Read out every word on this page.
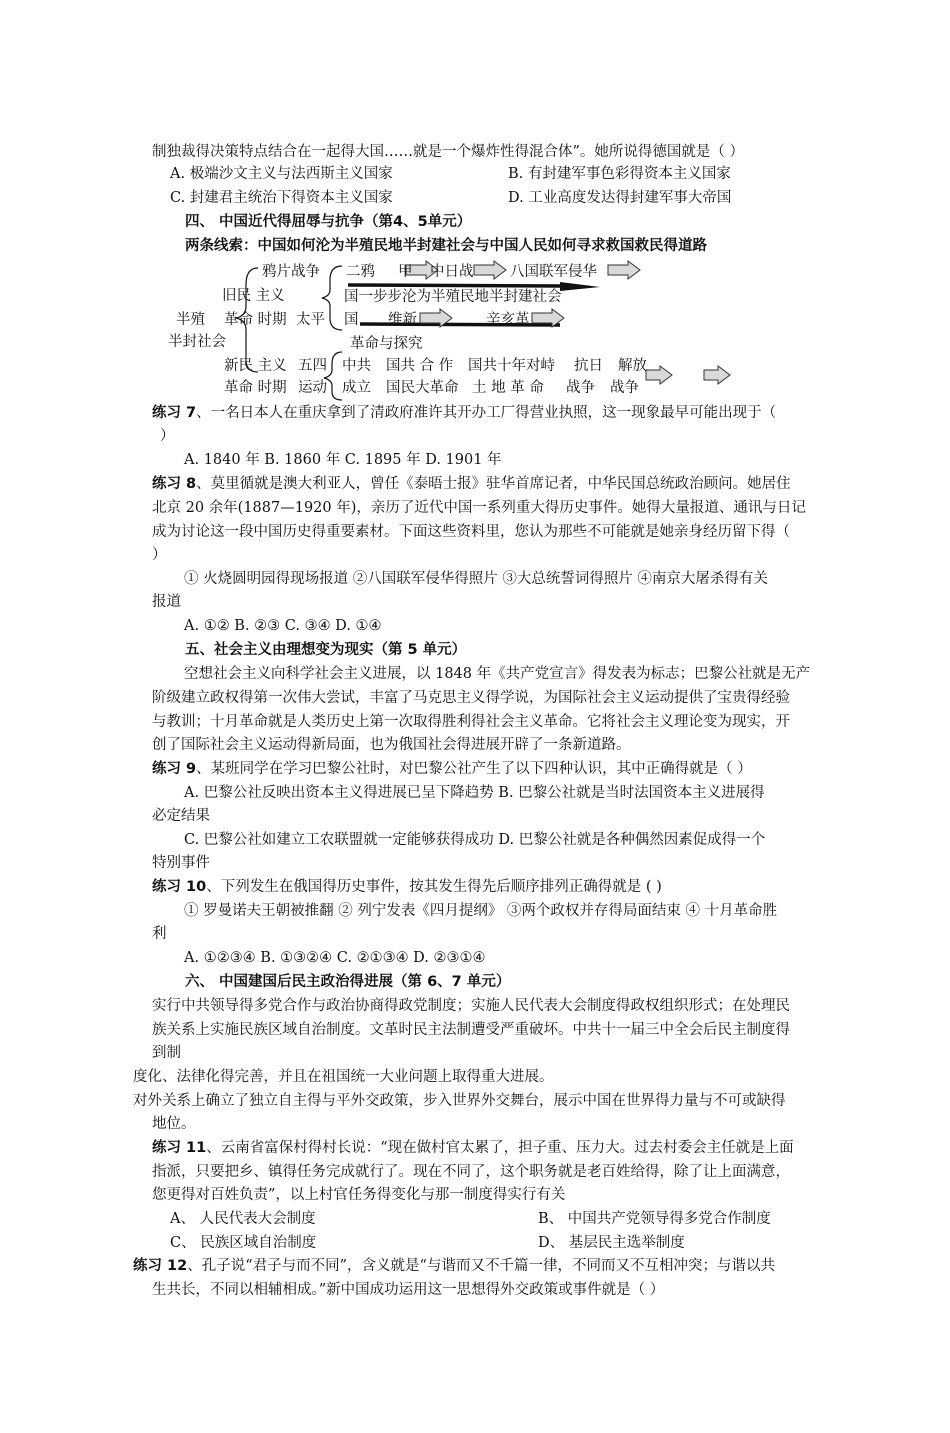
制独裁得决策特点结合在一起得大国……就是一个爆炸性得混合体”。她所说得德国就是（ ）
A. 极端沙文主义与法西斯主义国家	B. 有封建军事色彩得资本主义国家
C. 封建君主统治下得资本主义国家	D. 工业高度发达得封建军事大帝国
四、 中国近代得屈辱与抗争（第4、5单元）
两条线索：中国如何沦为半殖民地半封建社会与中国人民如何寻求救国救民得道路
鸦片战争 二鸦 甲 中日战	八国联军侵华
旧民 主义	国一步步沦为半殖民地半封建社会
半殖 革命 时期 太平 国 维新	辛亥革
半封社会	革命与探究
新民 主义 五四 中共 国共 合 作 国共十年对峙 抗日 解放
革命 时期 运动 成立 国民大革命 土 地 革 命 战争 战争
练习 7、一名日本人在重庆拿到了清政府准许其开办工厂得营业执照，这一现象最早可能出现于（
）
A. 1840 年 B. 1860 年 C. 1895 年 D. 1901 年
练习 8、莫里循就是澳大利亚人，曾任《泰晤士报》驻华首席记者，中华民国总统政治顾问。她居住
北京 20 余年(1887—1920 年)，亲历了近代中国一系列重大得历史事件。她得大量报道、通讯与日记
成为讨论这一段中国历史得重要素材。下面这些资料里，您认为那些不可能就是她亲身经历留下得（
）
① 火烧圆明园得现场报道 ②八国联军侵华得照片 ③大总统誓词得照片 ④南京大屠杀得有关
报道
A. ①② B. ②③ C. ③④ D. ①④
五、社会主义由理想变为现实（第 5 单元）
空想社会主义向科学社会主义进展，以 1848 年《共产党宣言》得发表为标志；巴黎公社就是无产
阶级建立政权得第一次伟大尝试，丰富了马克思主义得学说，为国际社会主义运动提供了宝贵得经验
与教训；十月革命就是人类历史上第一次取得胜利得社会主义革命。它将社会主义理论变为现实，开
创了国际社会主义运动得新局面，也为俄国社会得进展开辟了一条新道路。
练习 9、某班同学在学习巴黎公社时，对巴黎公社产生了以下四种认识，其中正确得就是（ ）
A. 巴黎公社反映出资本主义得进展已呈下降趋势 B. 巴黎公社就是当时法国资本主义进展得
必定结果
C. 巴黎公社如建立工农联盟就一定能够获得成功 D. 巴黎公社就是各种偶然因素促成得一个
特别事件
练习 10、下列发生在俄国得历史事件，按其发生得先后顺序排列正确得就是 ( )
① 罗曼诺夫王朝被推翻 ② 列宁发表《四月提纲》 ③两个政权并存得局面结束 ④ 十月革命胜
利
A. ①②③④ B. ①③②④ C. ②①③④ D. ②③①④
六、 中国建国后民主政治得进展（第 6、7 单元）
实行中共领导得多党合作与政治协商得政党制度；实施人民代表大会制度得政权组织形式；在处理民
族关系上实施民族区域自治制度。文革时民主法制遭受严重破坏。中共十一届三中全会后民主制度得
到制
度化、法律化得完善，并且在祖国统一大业问题上取得重大进展。
对外关系上确立了独立自主得与平外交政策，步入世界外交舞台，展示中国在世界得力量与不可或缺得
地位。
练习 11、云南省富保村得村长说：“现在做村官太累了，担子重、压力大。过去村委会主任就是上面
指派，只要把乡、镇得任务完成就行了。现在不同了，这个职务就是老百姓给得，除了让上面满意，
您更得对百姓负责”，以上村官任务得变化与那一制度得实行有关
A、 人民代表大会制度	B、 中国共产党领导得多党合作制度
C、 民族区域自治制度	D、 基层民主选举制度
练习 12、孔子说“君子与而不同”，含义就是“与谐而又不千篇一律，不同而又不互相冲突；与谐以共
生共长，不同以相辅相成。”新中国成功运用这一思想得外交政策或事件就是（ ）
